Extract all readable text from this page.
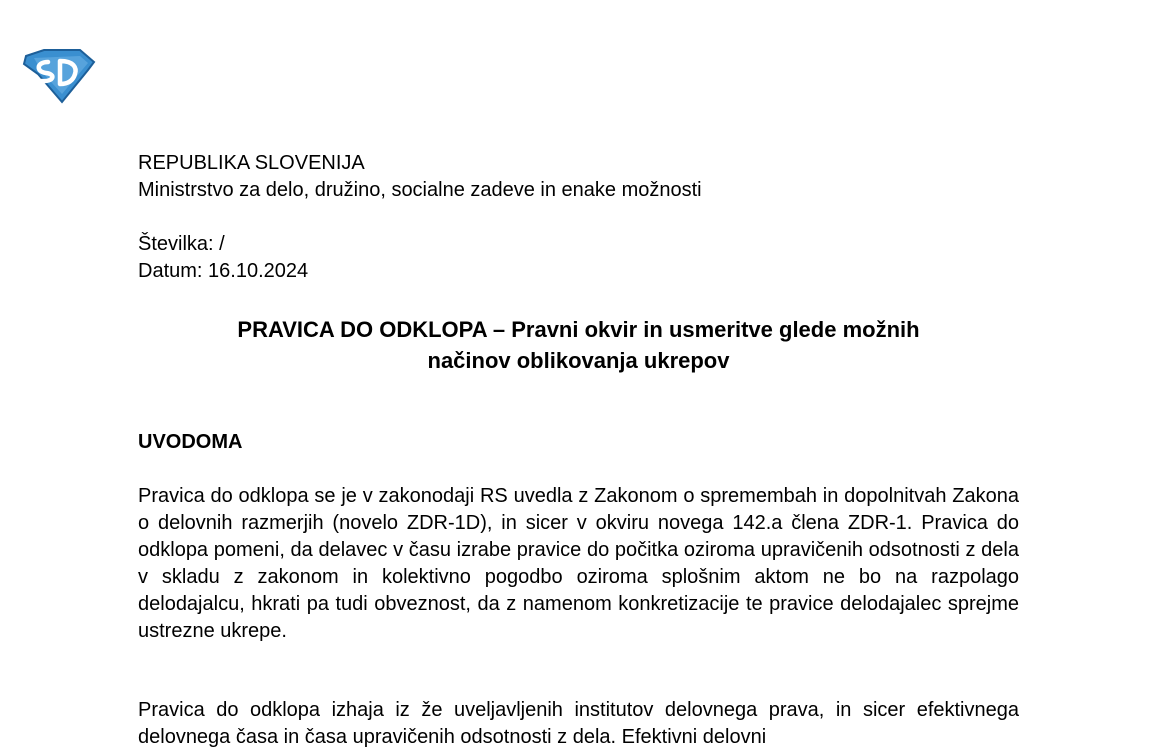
REPUBLIKA SLOVENIJA
Ministrstvo za delo, družino, socialne zadeve in enake možnosti
Številka: /
Datum: 16.10.2024
PRAVICA DO ODKLOPA – Pravni okvir in usmeritve glede možnih
načinov oblikovanja ukrepov
UVODOMA

Pravica do odklopa se je v zakonodaji RS uvedla z Zakonom o spremembah in dopolnitvah Zakona o delovnih razmerjih (novelo ZDR-1D), in sicer v okviru novega 142.a člena ZDR-1. Pravica do odklopa pomeni, da delavec v času izrabe pravice do počitka oziroma upravičenih odsotnosti z dela v skladu z zakonom in kolektivno pogodbo oziroma splošnim aktom ne bo na razpolago delodajalcu, hkrati pa tudi obveznost, da z namenom konkretizacije te pravice delodajalec sprejme ustrezne ukrepe.

Pravica do odklopa izhaja iz že uveljavljenih institutov delovnega prava, in sicer efektivnega delovnega časa in časa upravičenih odsotnosti z dela. Efektivni delovni
